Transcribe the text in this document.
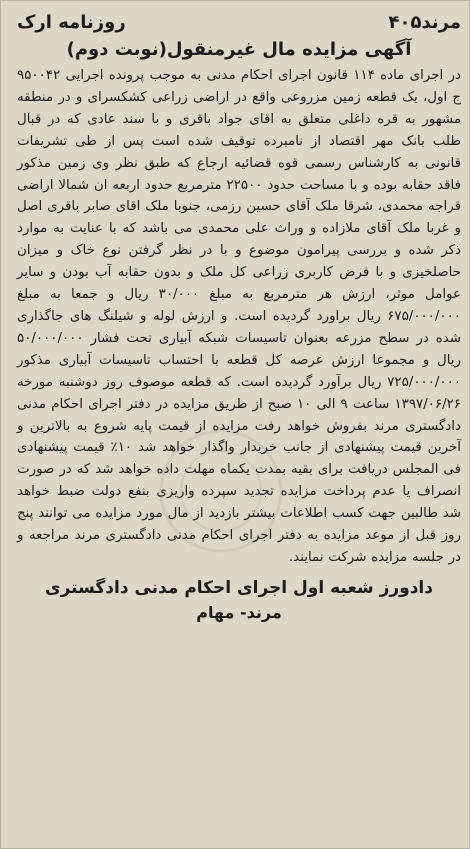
مرند۴۰۵
روزنامه ارک
آگهی مزایده مال غیرمنقول(نوبت دوم)
در اجرای ماده ۱۱۴ قانون اجرای احکام مدنی به موجب پرونده اجرایی ۹۵۰۰۴۲ ج اول، یک قطعه زمین مزروعی واقع در اراضی زراعی کشکسرای و در منطقه مشهور به قره داغلی متعلق به اقای جواد باقری و با سند عادی که در قبال طلب بانک مهر اقتصاد از نامبرده توقیف شده است پس از طی تشریفات قانونی به کارشناس رسمی قوه قضائیه ارجاع که طبق نظر وی زمین مذکور فاقد حقابه بوده و با مساحت حدود ۲۲۵۰۰ مترمربع حدود اربعه ان شمالا اراضی قراجه محمدی، شرقا ملک آقای حسین رزمی، جنوبا ملک اقای صابر باقری اصل و غربا ملک آقای ملازاده و وراث علی محمدی می باشد که با عنایت به موارد ذکر شده و بررسی پیرامون موضوع و با در نظر گرفتن نوع خاک و میزان حاصلخیزی و با فرض کاربری زراعی کل ملک و بدون حقابه آب بودن و سایر عوامل موثر، ارزش هر مترمربع به مبلغ ۳۰/۰۰۰ ریال و جمعا به مبلغ ۶۷۵/۰۰۰/۰۰۰ ریال براورد گردیده است. و ارزش لوله و شیلنگ های جاگذاری شده در سطح مزرعه بعنوان تاسیسات شبکه آبیاری تحت فشار ۵۰/۰۰۰/۰۰۰ ریال و مجموعا ارزش عرصه کل قطعه با احتساب تاسیسات آبیاری مذکور ۷۲۵/۰۰۰/۰۰۰ ریال برآورد گردیده است. که قطعه موصوف روز دوشنبه مورخه ۱۳۹۷/۰۶/۲۶ ساعت ۹ الی ۱۰ صبح از طریق مزایده در دفتر اجرای احکام مدنی دادگستری مرند بفروش خواهد رفت مزایده از قیمت پایه شروع به بالاترین و آخرین قیمت پیشنهادی از جانب خریدار واگذار خواهد شد ۱۰٪ قیمت پیشنهادی فی المجلس دریافت برای بقیه بمدت یکماه مهلت داده خواهد شد که در صورت انصراف یا عدم پرداخت مزایده تجدید سپرده واریزی بنفع دولت ضبط خواهد شد طالبین جهت کسب اطلاعات بیشتر بازدید از مال مورد مزایده می توانند پنج روز قبل از موعد مزایده به دفتر اجرای احکام مدنی دادگستری مرند مراجعه و در جلسه مزایده شرکت نمایند.
دادورز شعبه اول اجرای احکام مدنی دادگستری
مرند- مهام
